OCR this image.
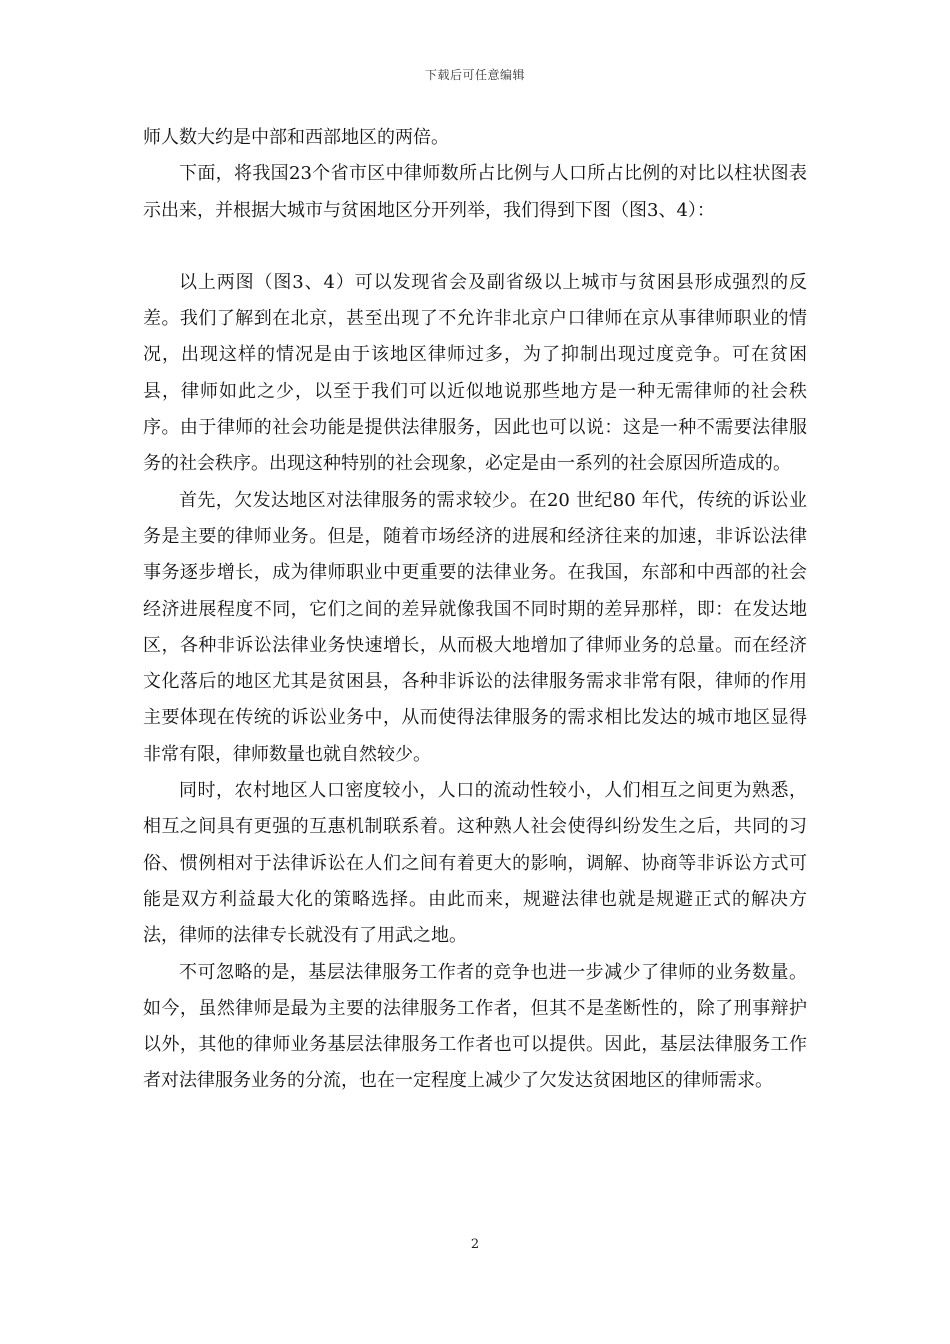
下载后可任意编辑

师人数大约是中部和西部地区的两倍。

下面，将我国23个省市区中律师数所占比例与人口所占比例的对比以柱状图表示出来，并根据大城市与贫困地区分开列举，我们得到下图（图3、4）：

以上两图（图3、4）可以发现省会及副省级以上城市与贫困县形成强烈的反差。我们了解到在北京，甚至出现了不允许非北京户口律师在京从事律师职业的情况，出现这样的情况是由于该地区律师过多，为了抑制出现过度竞争。可在贫困县，律师如此之少，以至于我们可以近似地说那些地方是一种无需律师的社会秩序。由于律师的社会功能是提供法律服务，因此也可以说：这是一种不需要法律服务的社会秩序。出现这种特别的社会现象，必定是由一系列的社会原因所造成的。

首先，欠发达地区对法律服务的需求较少。在20 世纪80 年代，传统的诉讼业务是主要的律师业务。但是，随着市场经济的进展和经济往来的加速，非诉讼法律事务逐步增长，成为律师职业中更重要的法律业务。在我国，东部和中西部的社会经济进展程度不同，它们之间的差异就像我国不同时期的差异那样，即：在发达地区，各种非诉讼法律业务快速增长，从而极大地增加了律师业务的总量。而在经济文化落后的地区尤其是贫困县，各种非诉讼的法律服务需求非常有限，律师的作用主要体现在传统的诉讼业务中，从而使得法律服务的需求相比发达的城市地区显得非常有限，律师数量也就自然较少。

同时，农村地区人口密度较小，人口的流动性较小，人们相互之间更为熟悉，相互之间具有更强的互惠机制联系着。这种熟人社会使得纠纷发生之后，共同的习俗、惯例相对于法律诉讼在人们之间有着更大的影响，调解、协商等非诉讼方式可能是双方利益最大化的策略选择。由此而来，规避法律也就是规避正式的解决方法，律师的法律专长就没有了用武之地。

不可忽略的是，基层法律服务工作者的竞争也进一步减少了律师的业务数量。如今，虽然律师是最为主要的法律服务工作者，但其不是垄断性的，除了刑事辩护以外，其他的律师业务基层法律服务工作者也可以提供。因此，基层法律服务工作者对法律服务业务的分流，也在一定程度上减少了欠发达贫困地区的律师需求。

2
